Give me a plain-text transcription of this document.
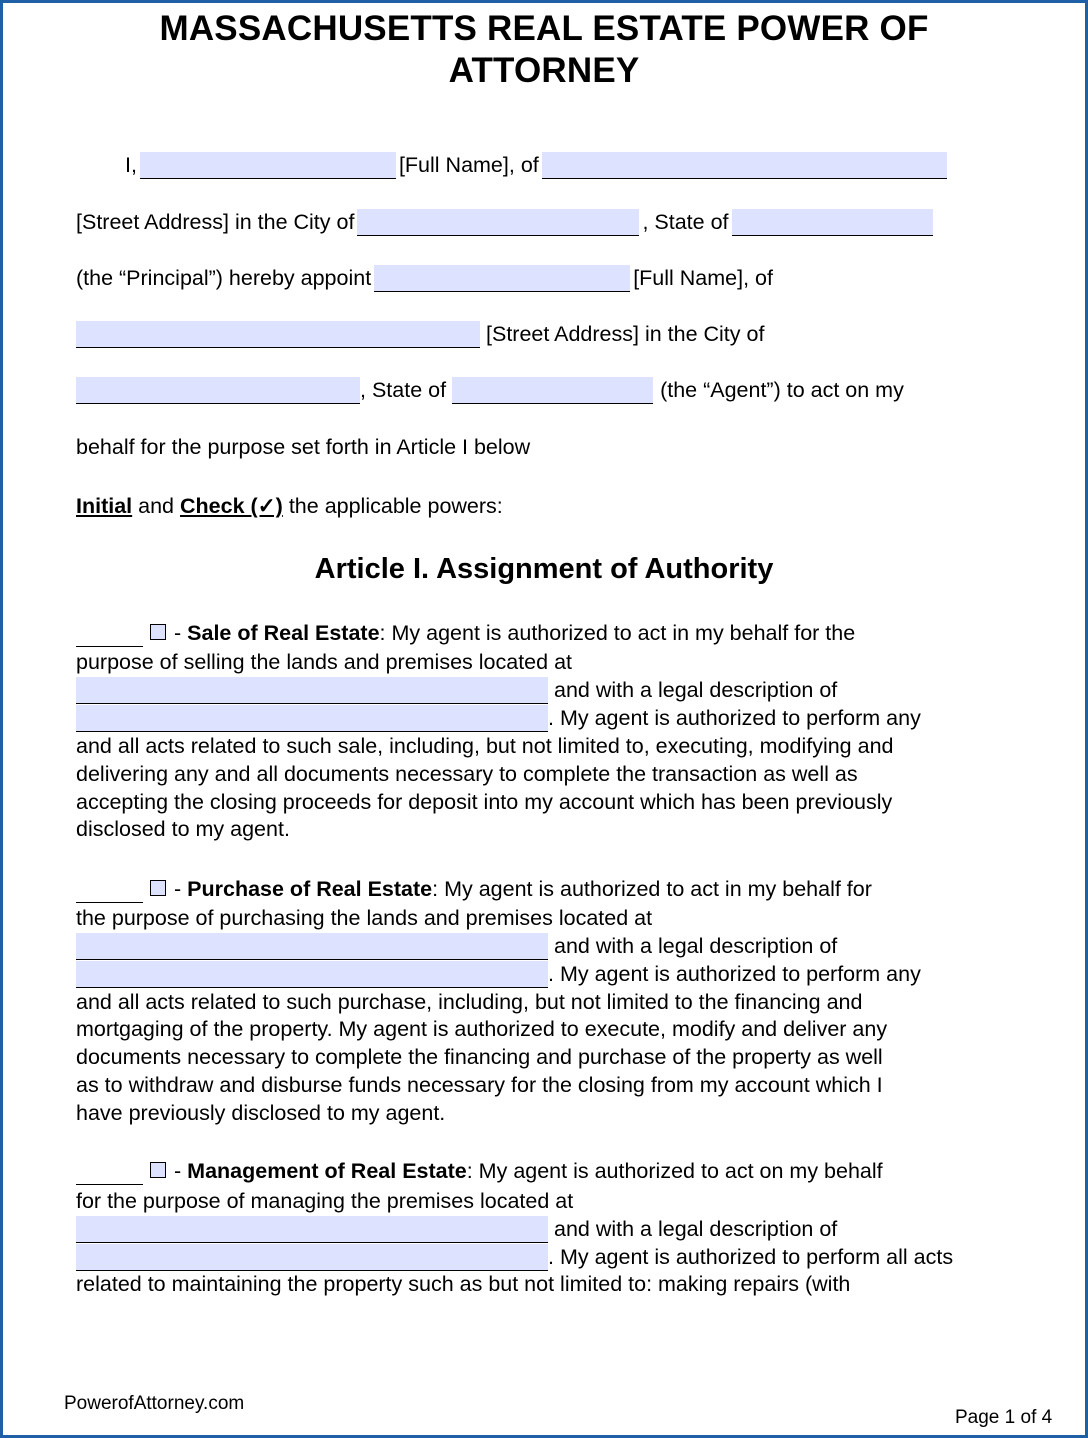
MASSACHUSETTS REAL ESTATE POWER OF
ATTORNEY
I,	[Full Name], of
[Street Address] in the City of	, State of
(the “Principal”) hereby appoint	[Full Name], of
[Street Address] in the City of
, State of	(the “Agent”) to act on my
behalf for the purpose set forth in Article I below
Initial and Check (✓) the applicable powers:
Article I. Assignment of Authority
- Sale of Real Estate: My agent is authorized to act in my behalf for the
purpose of selling the lands and premises located at
and with a legal description of
. My agent is authorized to perform any
and all acts related to such sale, including, but not limited to, executing, modifying and
delivering any and all documents necessary to complete the transaction as well as
accepting the closing proceeds for deposit into my account which has been previously
disclosed to my agent.
- Purchase of Real Estate: My agent is authorized to act in my behalf for
the purpose of purchasing the lands and premises located at
and with a legal description of
. My agent is authorized to perform any
and all acts related to such purchase, including, but not limited to the financing and
mortgaging of the property. My agent is authorized to execute, modify and deliver any
documents necessary to complete the financing and purchase of the property as well
as to withdraw and disburse funds necessary for the closing from my account which I
have previously disclosed to my agent.
- Management of Real Estate: My agent is authorized to act on my behalf
for the purpose of managing the premises located at
and with a legal description of
. My agent is authorized to perform all acts
related to maintaining the property such as but not limited to: making repairs (with
PowerofAttorney.com
Page 1 of 4
